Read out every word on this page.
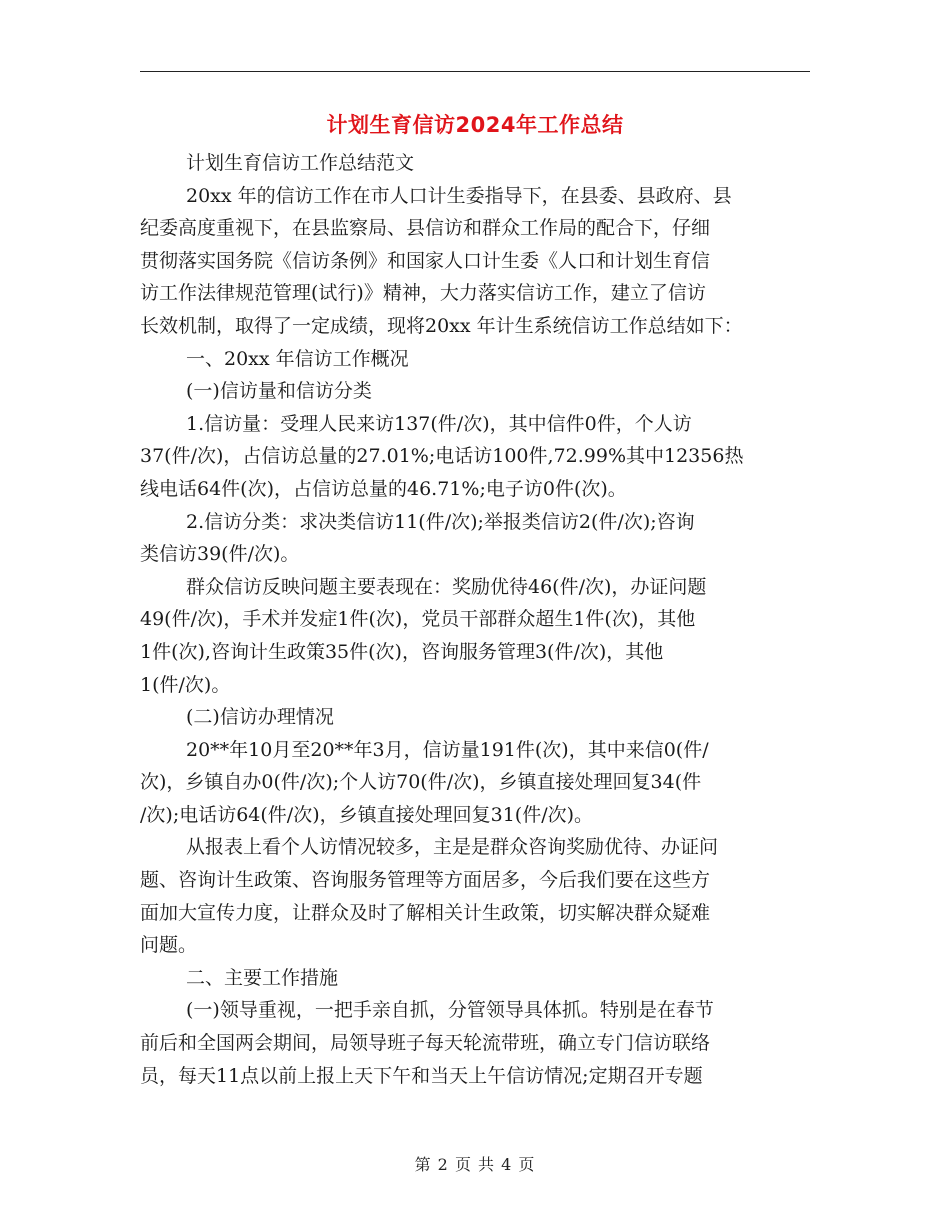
计划生育信访2024年工作总结
计划生育信访工作总结范文
20xx 年的信访工作在市人口计生委指导下，在县委、县政府、县
纪委高度重视下，在县监察局、县信访和群众工作局的配合下，仔细
贯彻落实国务院《信访条例》和国家人口计生委《人口和计划生育信
访工作法律规范管理(试行)》精神，大力落实信访工作，建立了信访
长效机制，取得了一定成绩，现将20xx 年计生系统信访工作总结如下：
一、20xx 年信访工作概况
(一)信访量和信访分类
1.信访量：受理人民来访137(件/次)，其中信件0件，个人访
37(件/次)，占信访总量的27.01%;电话访100件,72.99%其中12356热
线电话64件(次)，占信访总量的46.71%;电子访0件(次)。
2.信访分类：求决类信访11(件/次);举报类信访2(件/次);咨询
类信访39(件/次)。
群众信访反映问题主要表现在：奖励优待46(件/次)，办证问题
49(件/次)，手术并发症1件(次)，党员干部群众超生1件(次)，其他
1件(次),咨询计生政策35件(次)，咨询服务管理3(件/次)，其他
1(件/次)。
(二)信访办理情况
20**年10月至20**年3月，信访量191件(次)，其中来信0(件/
次)，乡镇自办0(件/次);个人访70(件/次)，乡镇直接处理回复34(件
/次);电话访64(件/次)，乡镇直接处理回复31(件/次)。
从报表上看个人访情况较多，主是是群众咨询奖励优待、办证问
题、咨询计生政策、咨询服务管理等方面居多，今后我们要在这些方
面加大宣传力度，让群众及时了解相关计生政策，切实解决群众疑难
问题。
二、主要工作措施
(一)领导重视，一把手亲自抓，分管领导具体抓。特别是在春节
前后和全国两会期间，局领导班子每天轮流带班，确立专门信访联络
员，每天11点以前上报上天下午和当天上午信访情况;定期召开专题
第 2 页 共 4 页
